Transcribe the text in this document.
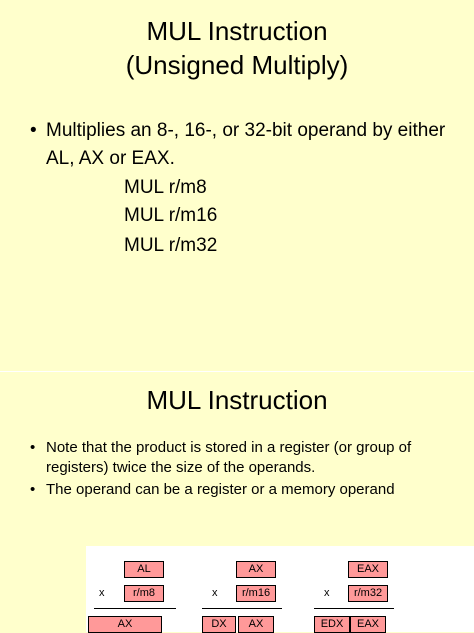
MUL Instruction
(Unsigned Multiply)
• Multiplies an 8-, 16-, or 32-bit operand by either AL, AX or EAX.
MUL r/m8
MUL r/m16
MUL r/m32
MUL Instruction
• Note that the product is stored in a register (or group of registers) twice the size of the operands.
• The operand can be a register or a memory operand
AL
x	r/m8
AX
AX
x	r/m16
DX	AX
EAX
x	r/m32
EDX	EAX
